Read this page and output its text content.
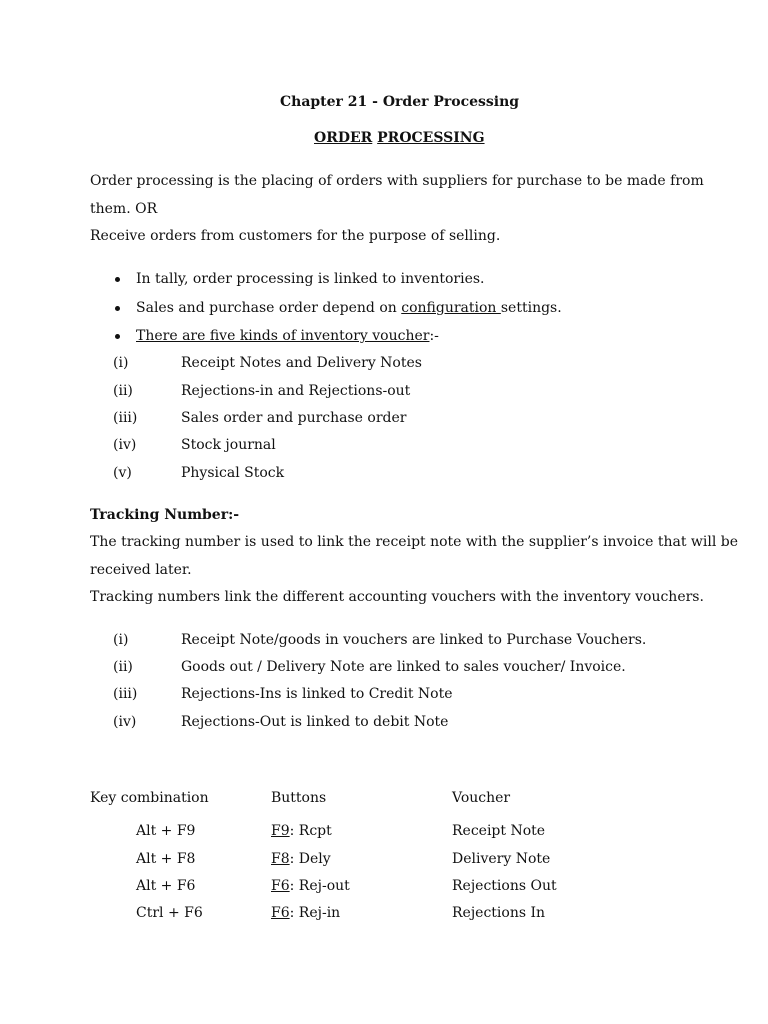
Chapter 21 - Order Processing
ORDER PROCESSING
Order processing is the placing of orders with suppliers for purchase to be made from
them. OR
Receive orders from customers for the purpose of selling.
In tally, order processing is linked to inventories.
Sales and purchase order depend on configuration settings.
There are five kinds of inventory voucher:-
(i)	Receipt Notes and Delivery Notes
(ii)	Rejections-in and Rejections-out
(iii)	Sales order and purchase order
(iv)	Stock journal
(v)	Physical Stock
Tracking Number:-
The tracking number is used to link the receipt note with the supplier’s invoice that will be
received later.
Tracking numbers link the different accounting vouchers with the inventory vouchers.
(i)	Receipt Note/goods in vouchers are linked to Purchase Vouchers.
(ii)	Goods out / Delivery Note are linked to sales voucher/ Invoice.
(iii)	Rejections-Ins is linked to Credit Note
(iv)	Rejections-Out is linked to debit Note
Key combination	Buttons	Voucher
Alt + F9	F9: Rcpt	Receipt Note
Alt + F8	F8: Dely	Delivery Note
Alt + F6	F6: Rej-out	Rejections Out
Ctrl + F6	F6: Rej-in	Rejections In
